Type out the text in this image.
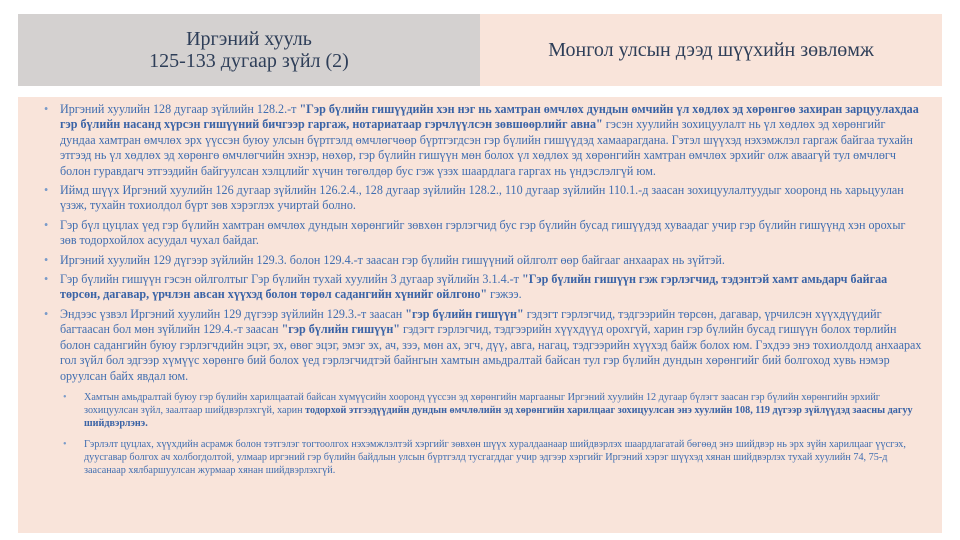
Иргэний хууль
125-133 дугаар зүйл (2)
Монгол улсын дээд шүүхийн зөвлөмж
• Иргэний хуулийн 128 дугаар зүйлийн 128.2.-т "Гэр бүлийн гишүүдийн хэн нэг нь хамтран өмчлөх дундын өмчийн үл хөдлөх эд хөрөнгөө захиран зарцуулахдаа гэр бүлийн насанд хүрсэн гишүүний бичгээр гаргаж, нотариатаар гэрчлүүлсэн зөвшөөрлийг авна" гэсэн хуулийн зохицуулалт нь үл хөдлөх эд хөрөнгийг дундаа хамтран өмчлөх эрх үүссэн буюу улсын бүртгэлд өмчлөгчөөр бүртгэгдсэн гэр бүлийн гишүүдэд хамаарагдана. Гэтэл шүүхэд нэхэмжлэл гаргаж байгаа тухайн этгээд нь үл хөдлөх эд хөрөнгө өмчлөгчийн эхнэр, нөхөр, гэр бүлийн гишүүн мөн болох үл хөдлөх эд хөрөнгийн хамтран өмчлөх эрхийг олж аваагүй тул өмчлөгч болон гуравдагч этгээдийн байгуулсан хэлцлийг хүчин төгөлдөр бус гэж үзэх шаардлага гаргах нь үндэслэлгүй юм.
• Иймд шүүх Иргэний хуулийн 126 дугаар зүйлийн 126.2.4., 128 дугаар зүйлийн 128.2., 110 дугаар зүйлийн 110.1.-д заасан зохицуулалтуудыг хооронд нь харьцуулан үзэж, тухайн тохиолдол бүрт зөв хэрэглэх учиртай болно.
• Гэр бүл цуцлах үед гэр бүлийн хамтран өмчлөх дундын хөрөнгийг зөвхөн гэрлэгчид бус гэр бүлийн бусад гишүүдэд хуваадаг учир гэр бүлийн гишүүнд хэн орохыг зөв тодорхойлох асуудал чухал байдаг.
• Иргэний хуулийн 129 дүгээр зүйлийн 129.3. болон 129.4.-т заасан гэр бүлийн гишүүний ойлголт өөр байгааг анхаарах нь зүйтэй.
• Гэр бүлийн гишүүн гэсэн ойлголтыг Гэр бүлийн тухай хуулийн 3 дугаар зүйлийн 3.1.4.-т "Гэр бүлийн гишүүн гэж гэрлэгчид, тэдэнтэй хамт амьдарч байгаа төрсөн, дагавар, үрчлэн авсан хүүхэд болон төрөл садангийн хүнийг ойлгоно" гэжээ.
• Эндээс үзвэл Иргэний хуулийн 129 дүгээр зүйлийн 129.3.-т заасан "гэр бүлийн гишүүн" гэдэгт гэрлэгчид, тэдгээрийн төрсөн, дагавар, үрчилсэн хүүхдүүдийг багтаасан бол мөн зүйлийн 129.4.-т заасан "гэр бүлийн гишүүн" гэдэгт гэрлэгчид, тэдгээрийн хүүхдүүд орохгүй, харин гэр бүлийн бусад гишүүн болох төрлийн болон садангийн буюу гэрлэгчдийн эцэг, эх, өвөг эцэг, эмэг эх, ач, зээ, мөн ах, эгч, дүү, авга, нагац, тэдгээрийн хүүхэд байж болох юм. Гэхдээ энэ тохиолдолд анхаарах гол зүйл бол эдгээр хүмүүс хөрөнгө бий болох үед гэрлэгчидтэй байнгын хамтын амьдралтай байсан тул гэр бүлийн дундын хөрөнгийг бий болгоход хувь нэмэр оруулсан байх явдал юм.
• Хамтын амьдралтай буюу гэр бүлийн харилцаатай байсан хүмүүсийн хооронд үүссэн эд хөрөнгийн маргааныг Иргэний хуулийн 12 дугаар бүлэгт заасан гэр бүлийн хөрөнгийн эрхийг зохицуулсан зүйл, заалтаар шийдвэрлэхгүй, харин тодорхой этгээдүүдийн дундын өмчлөлийн эд хөрөнгийн харилцааг зохицуулсан энэ хуулийн 108, 119 дүгээр зүйлүүдэд заасны дагуу шийдвэрлэнэ.
• Гэрлэлт цуцлах, хүүхдийн асрамж болон тэтгэлэг тогтоолгох нэхэмжлэлтэй хэргийг зөвхөн шүүх хуралдаанаар шийдвэрлэх шаардлагатай бөгөөд энэ шийдвэр нь эрх зүйн харилцааг үүсгэх, дуусгавар болгох ач холбогдолтой, улмаар иргэний гэр бүлийн байдлын улсын бүртгэлд тусгагддаг учир эдгээр хэргийг Иргэний хэрэг шүүхэд хянан шийдвэрлэх тухай хуулийн 74, 75-д заасанаар хялбаршуулсан журмаар хянан шийдвэрлэхгүй.
